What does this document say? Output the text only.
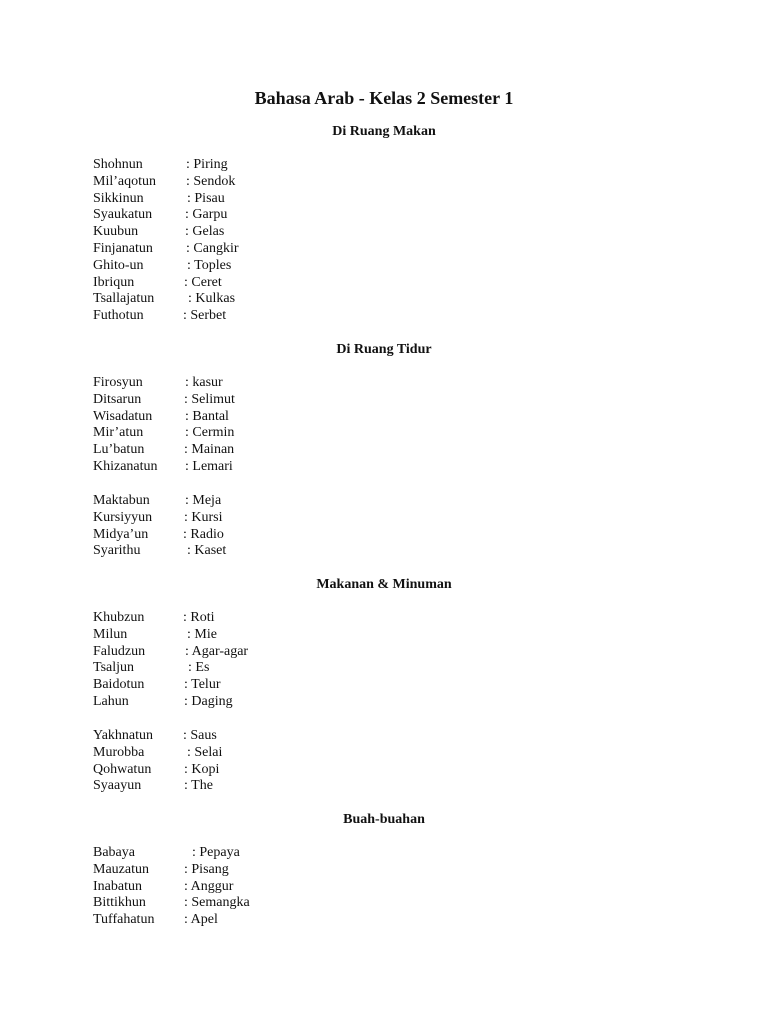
Bahasa Arab - Kelas 2 Semester 1
Di Ruang Makan
Shohnun	: Piring
Mil’aqotun : Sendok
Sikkinun	: Pisau
Syaukatun : Garpu
Kuubun	: Gelas
Finjanatun : Cangkir
Ghito-un	: Toples
Ibriqun	: Ceret
Tsallajatun : Kulkas
Futhotun	: Serbet
Di Ruang Tidur
Firosyun	: kasur
Ditsarun	: Selimut
Wisadatun : Bantal
Mir’atun	: Cermin
Lu’batun	: Mainan
Khizanatun : Lemari
Maktabun	: Meja
Kursiyyun : Kursi
Midya’un : Radio
Syarithu	: Kaset
Makanan & Minuman
Khubzun	: Roti
Milun	: Mie
Faludzun	: Agar-agar
Tsaljun	: Es
Baidotun	: Telur
Lahun	: Daging
Yakhnatun : Saus
Murobba	: Selai
Qohwatun : Kopi
Syaayun	: The
Buah-buahan
Babaya	: Pepaya
Mauzatun	: Pisang
Inabatun	: Anggur
Bittikhun	: Semangka
Tuffahatun : Apel
